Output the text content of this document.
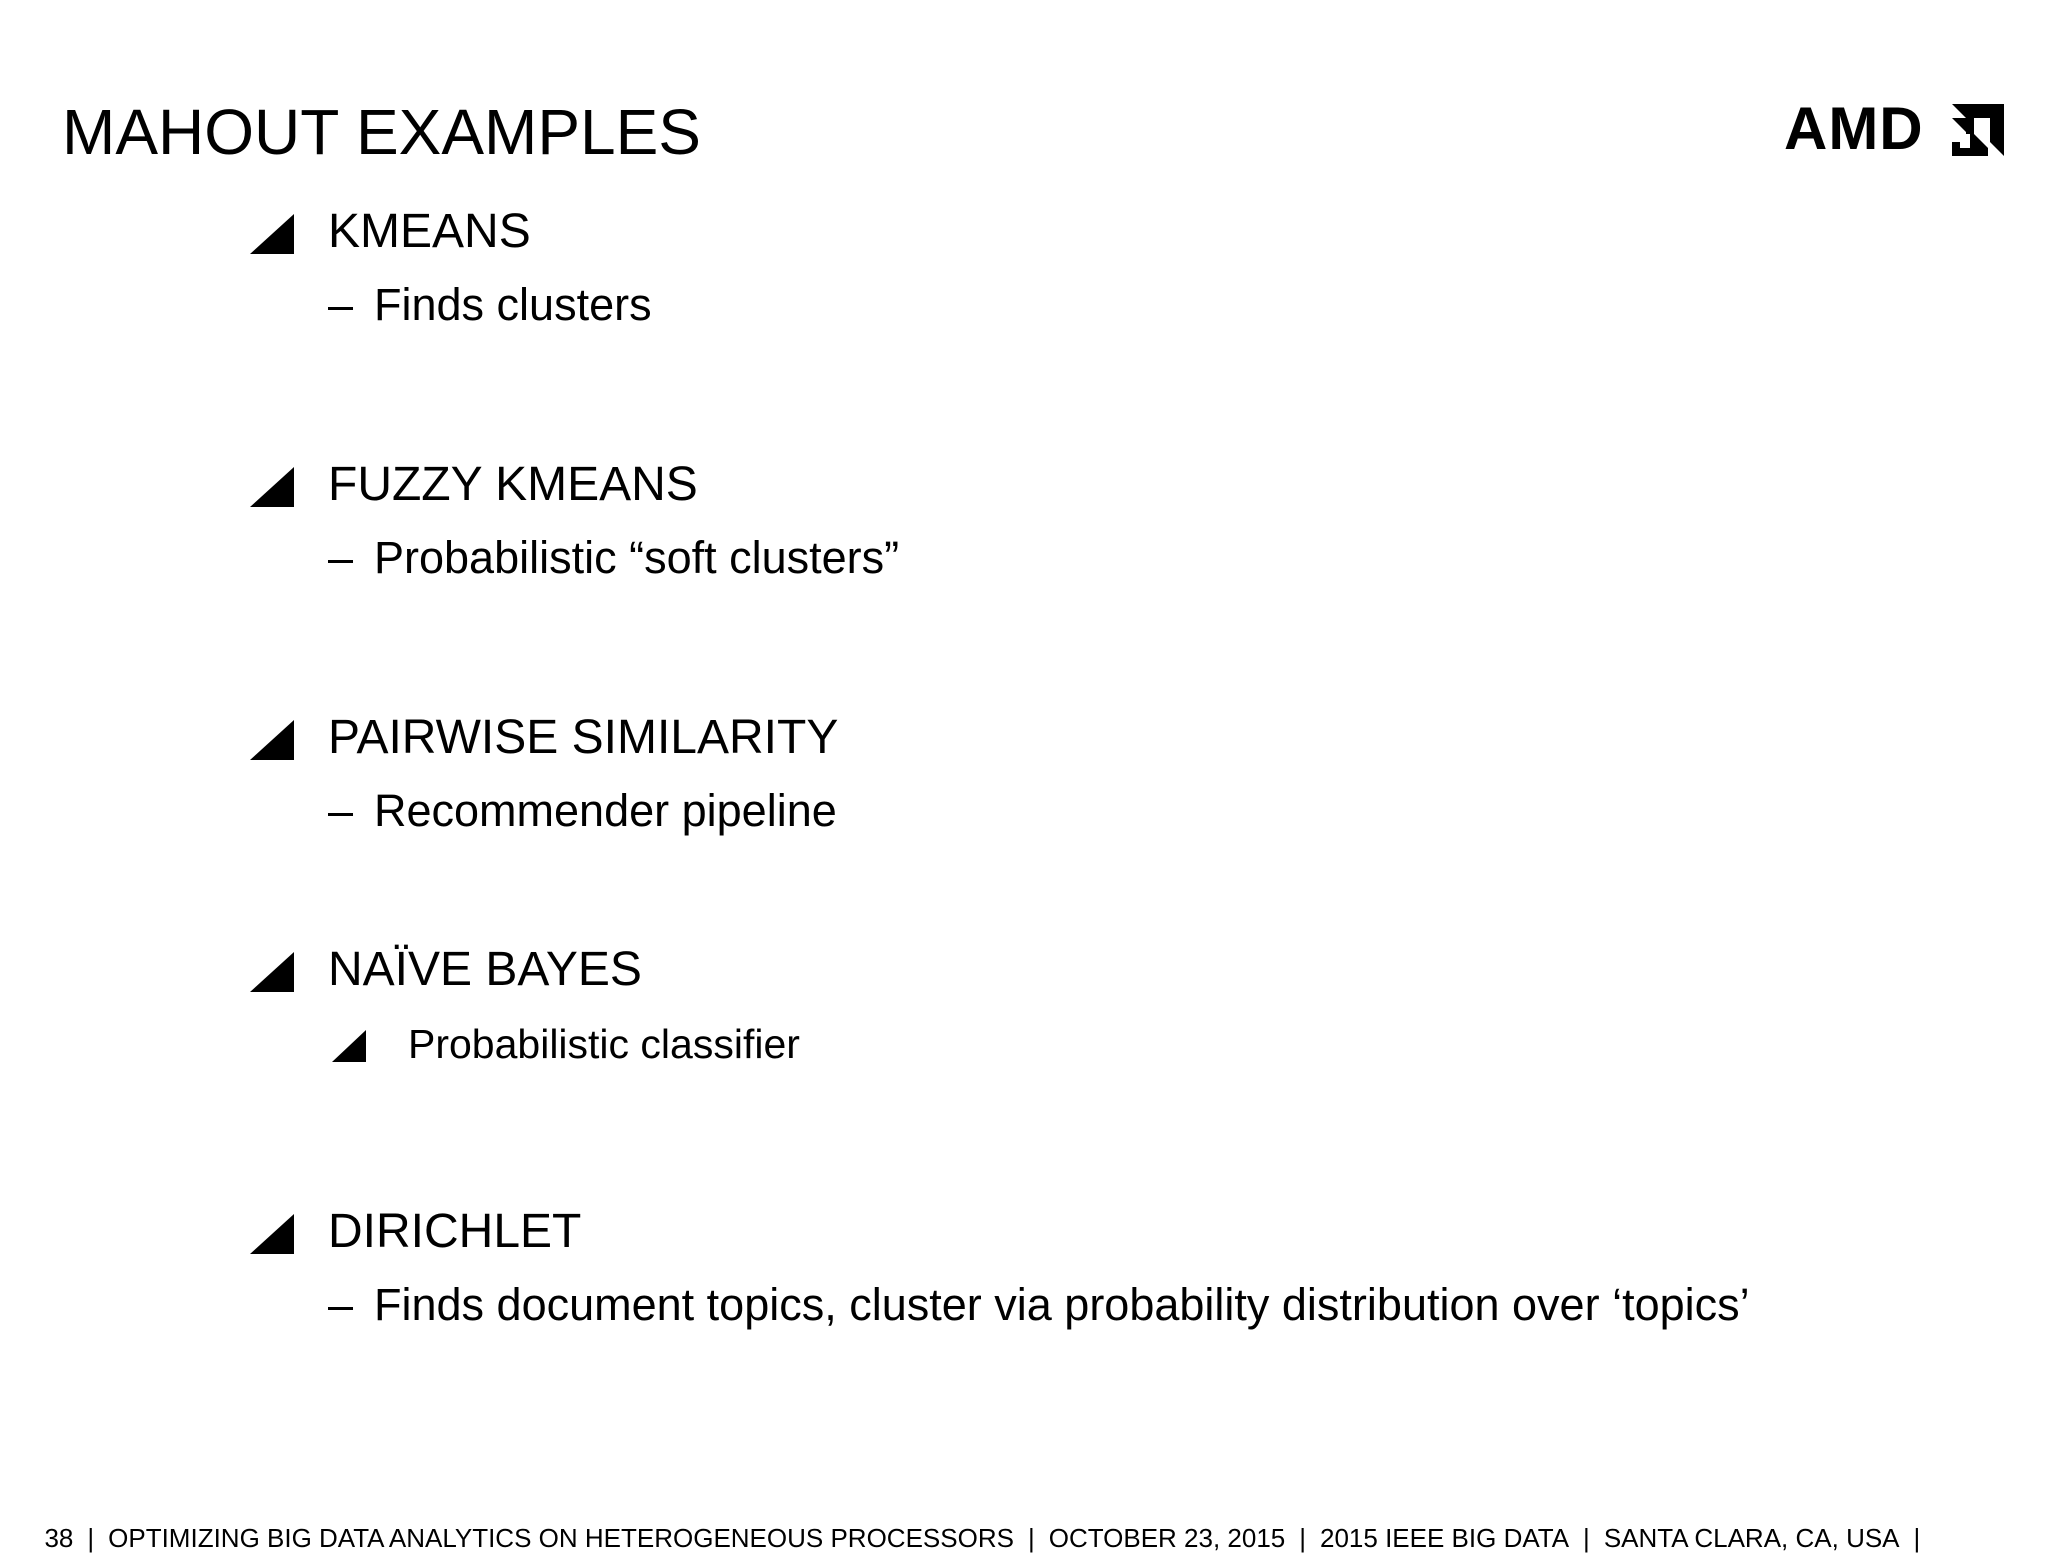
MAHOUT EXAMPLES	AMD
KMEANS
– Finds clusters
FUZZY KMEANS
– Probabilistic “soft clusters”
PAIRWISE SIMILARITY
– Recommender pipeline
NAÏVE BAYES
Probabilistic classifier
DIRICHLET
– Finds document topics, cluster via probability distribution over ‘topics’

38 | OPTIMIZING BIG DATA ANALYTICS ON HETEROGENEOUS PROCESSORS | OCTOBER 23, 2015 | 2015 IEEE BIG DATA | SANTA CLARA, CA, USA |
